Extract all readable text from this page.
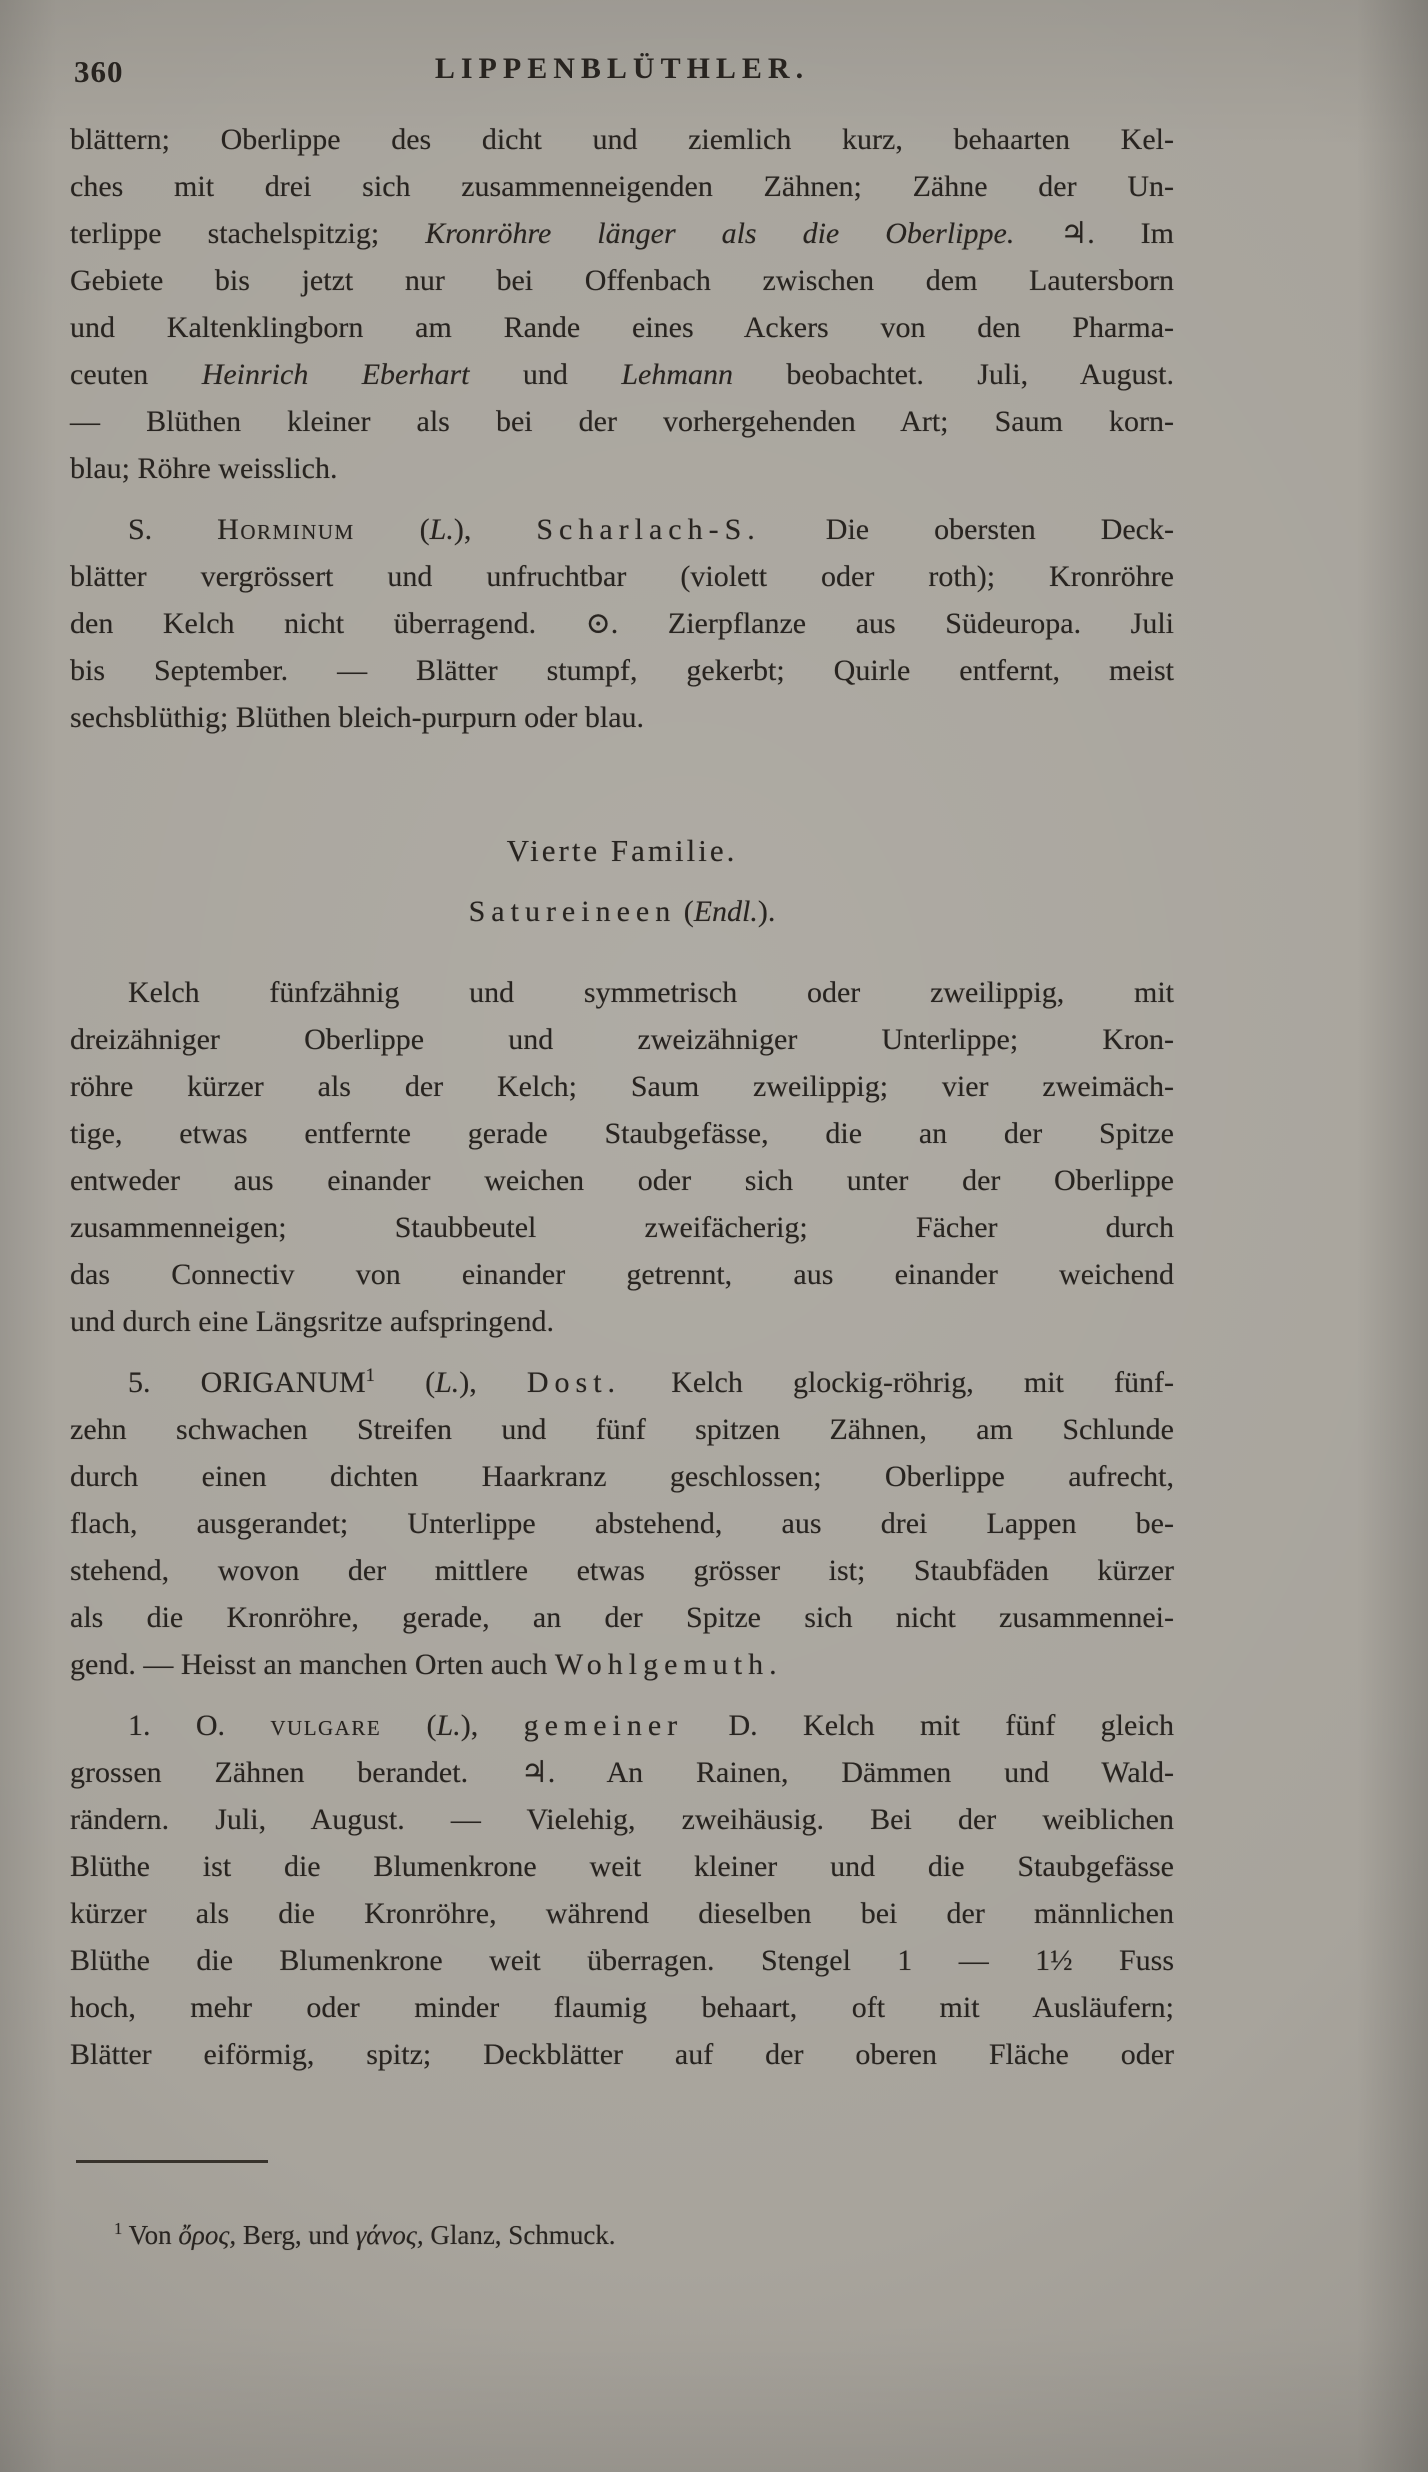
360	LIPPENBLÜTHLER.
blättern; Oberlippe des dicht und ziemlich kurz, behaarten Kel-
ches mit drei sich zusammenneigenden Zähnen; Zähne der Un-
terlippe stachelspitzig; Kronröhre länger als die Oberlippe. ♃. Im
Gebiete bis jetzt nur bei Offenbach zwischen dem Lautersborn
und Kaltenklingborn am Rande eines Ackers von den Pharma-
ceuten Heinrich Eberhart und Lehmann beobachtet. Juli, August.
— Blüthen kleiner als bei der vorhergehenden Art; Saum korn-
blau; Röhre weisslich.
S. Horminum (L.), Scharlach-S. Die obersten Deck-
blätter vergrössert und unfruchtbar (violett oder roth); Kronröhre
den Kelch nicht überragend. ⊙. Zierpflanze aus Südeuropa. Juli
bis September. — Blätter stumpf, gekerbt; Quirle entfernt, meist
sechsblüthig; Blüthen bleich-purpurn oder blau.
Vierte Familie.
Satureineen (Endl.).
Kelch fünfzähnig und symmetrisch oder zweilippig, mit
dreizähniger Oberlippe und zweizähniger Unterlippe; Kron-
röhre kürzer als der Kelch; Saum zweilippig; vier zweimäch-
tige, etwas entfernte gerade Staubgefässe, die an der Spitze
entweder aus einander weichen oder sich unter der Oberlippe
zusammenneigen; Staubbeutel zweifächerig; Fächer durch
das Connectiv von einander getrennt, aus einander weichend
und durch eine Längsritze aufspringend.
5. ORIGANUM$^1$ (L.), Dost. Kelch glockig-röhrig, mit fünf-
zehn schwachen Streifen und fünf spitzen Zähnen, am Schlunde
durch einen dichten Haarkranz geschlossen; Oberlippe aufrecht,
flach, ausgerandet; Unterlippe abstehend, aus drei Lappen be-
stehend, wovon der mittlere etwas grösser ist; Staubfäden kürzer
als die Kronröhre, gerade, an der Spitze sich nicht zusammennei-
gend. — Heisst an manchen Orten auch Wohlgemuth.
1. O. vulgare (L.), gemeiner D. Kelch mit fünf gleich
grossen Zähnen berandet. ♃. An Rainen, Dämmen und Wald-
rändern. Juli, August. — Vielehig, zweihäusig. Bei der weiblichen
Blüthe ist die Blumenkrone weit kleiner und die Staubgefässe
kürzer als die Kronröhre, während dieselben bei der männlichen
Blüthe die Blumenkrone weit überragen. Stengel 1 — 1½ Fuss
hoch, mehr oder minder flaumig behaart, oft mit Ausläufern;
Blätter eiförmig, spitz; Deckblätter auf der oberen Fläche oder
$^1$ Von ὄρος, Berg, und γάνος, Glanz, Schmuck.
